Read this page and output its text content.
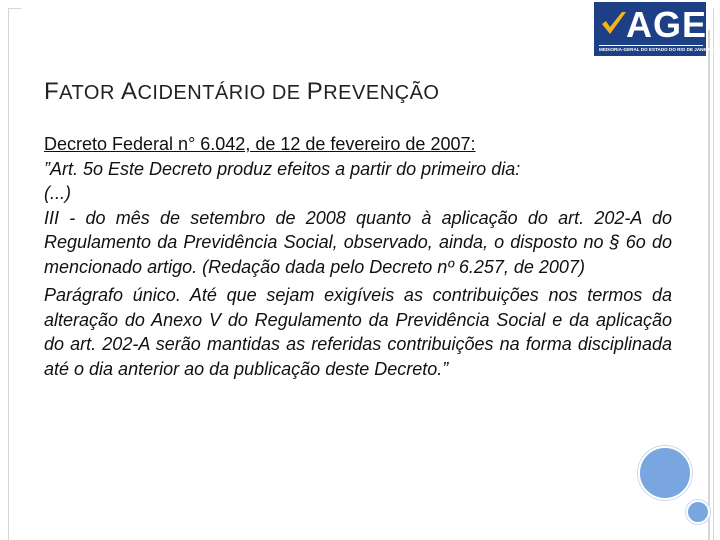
AGE
MEDIORIA-GERAL DO ESTADO DO RIO DE JANEIRO
FATOR ACIDENTÁRIO DE PREVENÇÃO

Decreto Federal n° 6.042, de 12 de fevereiro de 2007:

”Art. 5o Este Decreto produz efeitos a partir do primeiro dia:

(...)

III - do mês de setembro de 2008 quanto à aplicação do art. 202-A do Regulamento da Previdência Social, observado, ainda, o disposto no § 6o do mencionado artigo. (Redação dada pelo Decreto nº 6.257, de 2007)

Parágrafo único. Até que sejam exigíveis as contribuições nos termos da alteração do Anexo V do Regulamento da Previdência Social e da aplicação do art. 202-A serão mantidas as referidas contribuições na forma disciplinada até o dia anterior ao da publicação deste Decreto.”
